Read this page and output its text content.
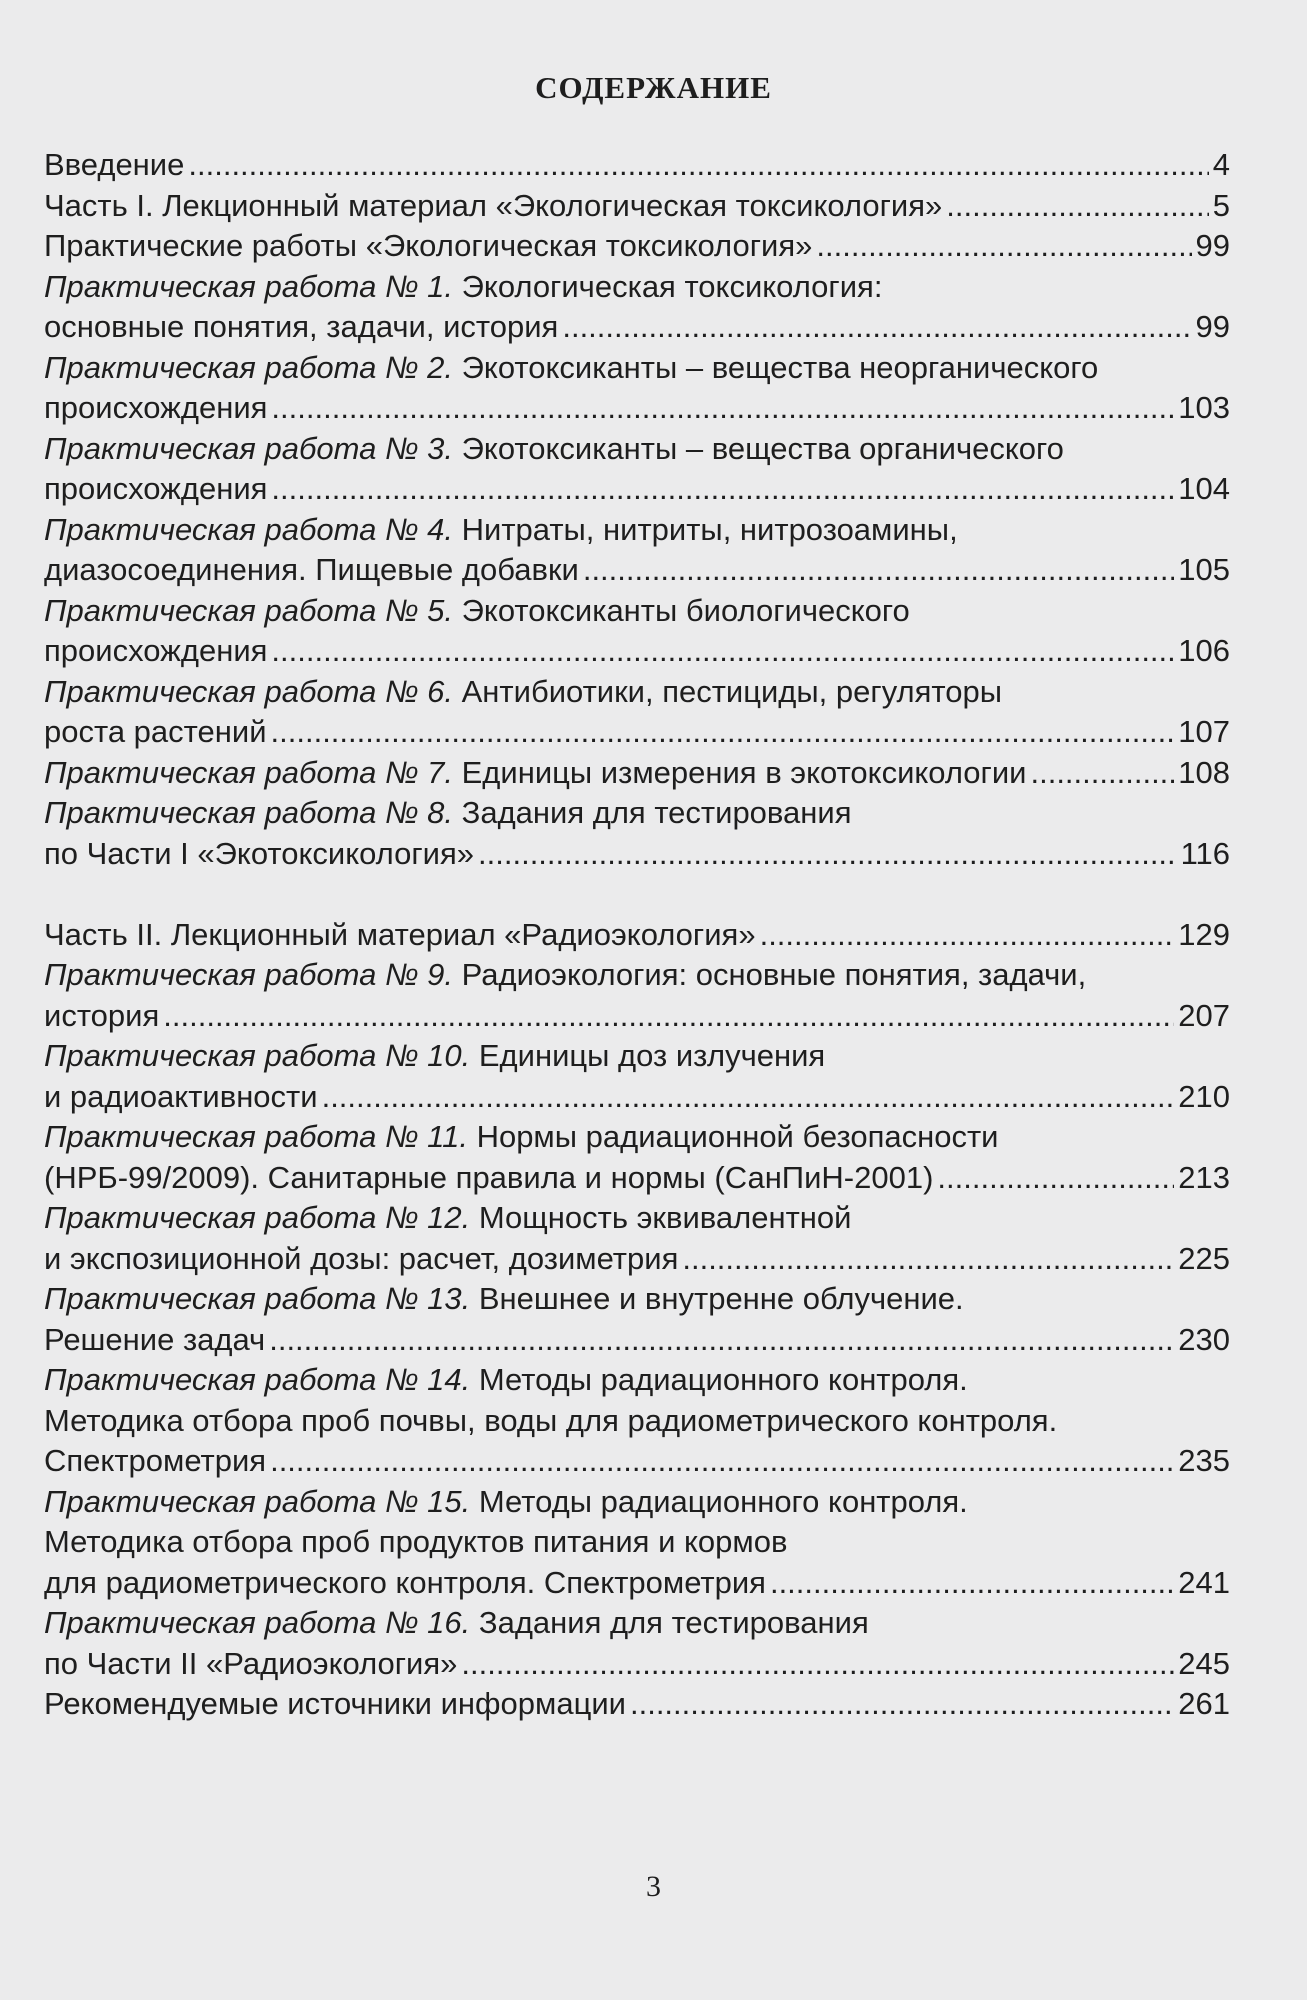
СОДЕРЖАНИЕ
Введение .....	4
Часть I. Лекционный материал «Экологическая токсикология» .....	5
Практические работы «Экологическая токсикология» .....	99
Практическая работа № 1. Экологическая токсикология:
основные понятия, задачи, история .....	99
Практическая работа № 2. Экотоксиканты – вещества неорганического
происхождения .....	103
Практическая работа № 3. Экотоксиканты – вещества органического
происхождения .....	104
Практическая работа № 4. Нитраты, нитриты, нитрозоамины,
диазосоединения. Пищевые добавки .....	105
Практическая работа № 5. Экотоксиканты биологического
происхождения .....	106
Практическая работа № 6. Антибиотики, пестициды, регуляторы
роста растений .....	107
Практическая работа № 7. Единицы измерения в экотоксикологии .....	108
Практическая работа № 8. Задания для тестирования
по Части I «Экотоксикология» .....	116
Часть II. Лекционный материал «Радиоэкология» .....	129
Практическая работа № 9. Радиоэкология: основные понятия, задачи,
история .....	207
Практическая работа № 10. Единицы доз излучения
и радиоактивности .....	210
Практическая работа № 11. Нормы радиационной безопасности
(НРБ-99/2009). Санитарные правила и нормы (СанПиН-2001) .....	213
Практическая работа № 12. Мощность эквивалентной
и экспозиционной дозы: расчет, дозиметрия .....	225
Практическая работа № 13. Внешнее и внутренне облучение.
Решение задач .....	230
Практическая работа № 14. Методы радиационного контроля.
Методика отбора проб почвы, воды для радиометрического контроля.
Спектрометрия .....	235
Практическая работа № 15. Методы радиационного контроля.
Методика отбора проб продуктов питания и кормов
для радиометрического контроля. Спектрометрия .....	241
Практическая работа № 16. Задания для тестирования
по Части II «Радиоэкология» .....	245
Рекомендуемые источники информации .....	261
3
